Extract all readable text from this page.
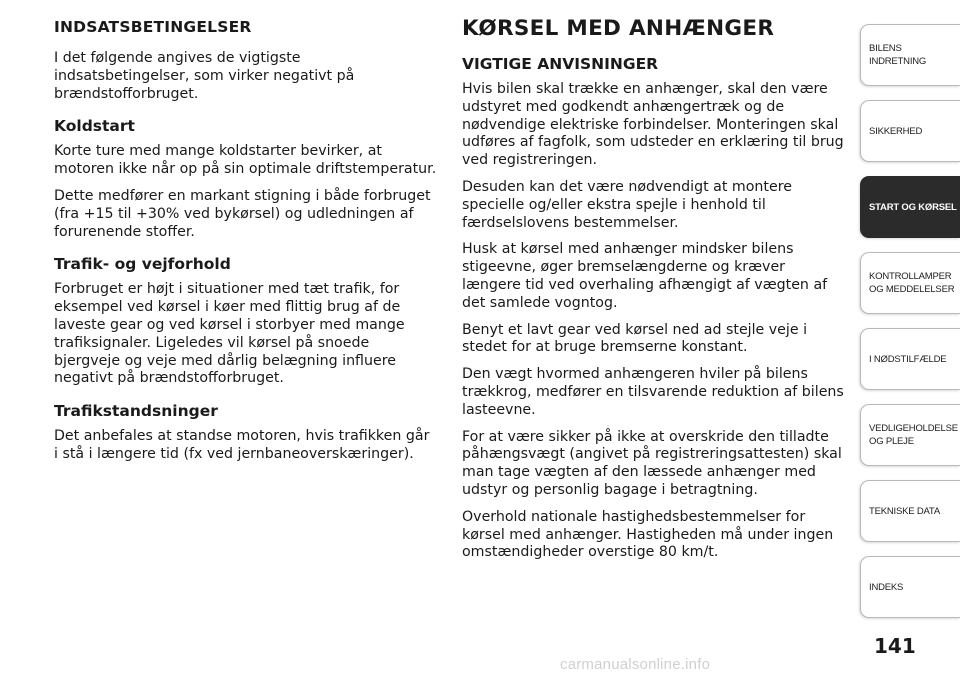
INDSATSBETINGELSER

I det følgende angives de vigtigste indsatsbetingelser, som virker negativt på brændstofforbruget.

Koldstart

Korte ture med mange koldstarter bevirker, at motoren ikke når op på sin optimale driftstemperatur.

Dette medfører en markant stigning i både forbruget (fra +15 til +30% ved bykørsel) og udledningen af forurenende stoffer.

Trafik- og vejforhold

Forbruget er højt i situationer med tæt trafik, for eksempel ved kørsel i køer med flittig brug af de laveste gear og ved kørsel i storbyer med mange trafiksignaler. Ligeledes vil kørsel på snoede bjergveje og veje med dårlig belægning influere negativt på brændstofforbruget.

Trafikstandsninger

Det anbefales at standse motoren, hvis trafikken går i stå i længere tid (fx ved jernbaneoverskæringer).

KØRSEL MED ANHÆNGER
VIGTIGE ANVISNINGER

Hvis bilen skal trække en anhænger, skal den være udstyret med godkendt anhængertræk og de nødvendige elektriske forbindelser. Monteringen skal udføres af fagfolk, som udsteder en erklæring til brug ved registreringen.

Desuden kan det være nødvendigt at montere specielle og/eller ekstra spejle i henhold til færdselslovens bestemmelser.

Husk at kørsel med anhænger mindsker bilens stigeevne, øger bremselængderne og kræver længere tid ved overhaling afhængigt af vægten af det samlede vogntog.

Benyt et lavt gear ved kørsel ned ad stejle veje i stedet for at bruge bremserne konstant.

Den vægt hvormed anhængeren hviler på bilens trækkrog, medfører en tilsvarende reduktion af bilens lasteevne.

For at være sikker på ikke at overskride den tilladte påhængsvægt (angivet på registreringsattesten) skal man tage vægten af den læssede anhænger med udstyr og personlig bagage i betragtning.

Overhold nationale hastighedsbestemmelser for kørsel med anhænger. Hastigheden må under ingen omstændigheder overstige 80 km/t.

BILENS INDRETNING
SIKKERHED
START OG KØRSEL
KONTROLLAMPER OG MEDDELELSER
I NØDSTILFÆLDE
VEDLIGEHOLDELSE OG PLEJE
TEKNISKE DATA
INDEKS
141
carmanualsonline.info
